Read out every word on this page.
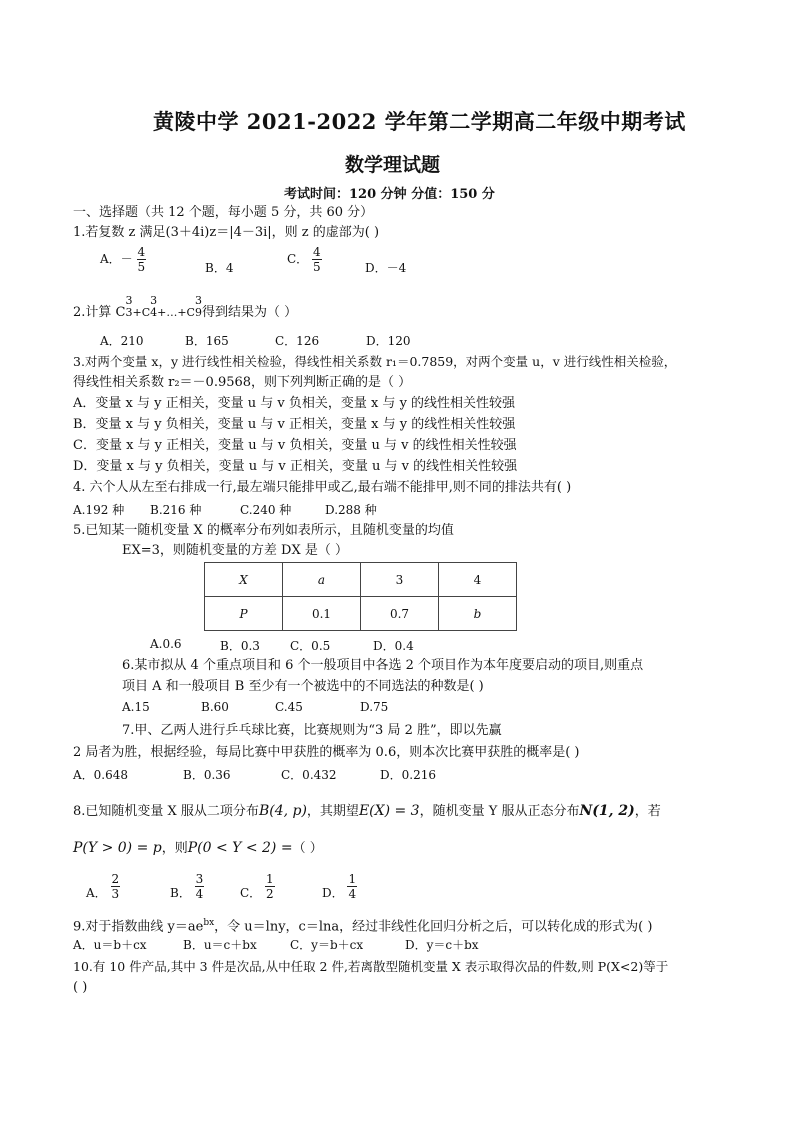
黄陵中学 2021-2022 学年第二学期高二年级中期考试
数学理试题
考试时间：120 分钟 分值：150 分
一、选择题（共 12 个题，每小题 5 分，共 60 分）
1.若复数 z 满足(3＋4i)z＝|4－3i|，则 z 的虚部为( )
A．－ $\frac{4}{5}$	B．4
C． $\frac{4}{5}$	D．－4
2.计算 C
3
3+C
3
4+…+C
3
9得到结果为（ ）
A．210	B．165	C．126	D．120
3.对两个变量 x，y 进行线性相关检验，得线性相关系数 r₁＝0.7859，对两个变量 u，v 进行线性相关检验，
得线性相关系数 r₂＝－0.9568，则下列判断正确的是（ ）
A．变量 x 与 y 正相关，变量 u 与 v 负相关，变量 x 与 y 的线性相关性较强
B．变量 x 与 y 负相关，变量 u 与 v 正相关，变量 x 与 y 的线性相关性较强
C．变量 x 与 y 正相关，变量 u 与 v 负相关，变量 u 与 v 的线性相关性较强
D．变量 x 与 y 负相关，变量 u 与 v 正相关，变量 u 与 v 的线性相关性较强
4. 六个人从左至右排成一行,最左端只能排甲或乙,最右端不能排甲,则不同的排法共有( )
A.192 种 B.216 种	C.240 种	D.288 种
5.已知某一随机变量 X 的概率分布列如表所示，且随机变量的均值
EX=3，则随机变量的方差 DX 是（ ）
X	a	3	4
P	0.1	0.7	b
A.0.6	B．0.3	C．0.5	D．0.4
6.某市拟从 4 个重点项目和 6 个一般项目中各选 2 个项目作为本年度要启动的项目,则重点
项目 A 和一般项目 B 至少有一个被选中的不同选法的种数是( )
A.15	B.60	C.45	D.75
7.甲、乙两人进行乒乓球比赛，比赛规则为“3 局 2 胜”，即以先赢
2 局者为胜，根据经验，每局比赛中甲获胜的概率为 0.6，则本次比赛甲获胜的概率是( )
A．0.648	B．0.36	C．0.432	D．0.216
8.已知随机变量 X 服从二项分布B(4, p)，其期望E(X) = 3，随机变量 Y 服从正态分布N(1, 2)，若
P(Y > 0) = p，则P(0 < Y < 2) =（ ）
A． $\frac{2}{3}$	B． $\frac{3}{4}$	C． $\frac{1}{2}$	D． $\frac{1}{4}$
9.对于指数曲线 $y=ae^{bx}$，令 u＝lny，c＝lna，经过非线性化回归分析之后，可以转化成的形式为( )
A．u＝b＋cx	B．u＝c＋bx	C．y＝b＋cx	D．y＝c＋bx
10.有 10 件产品,其中 3 件是次品,从中任取 2 件,若离散型随机变量 X 表示取得次品的件数,则 P(X<2)等于
( )
